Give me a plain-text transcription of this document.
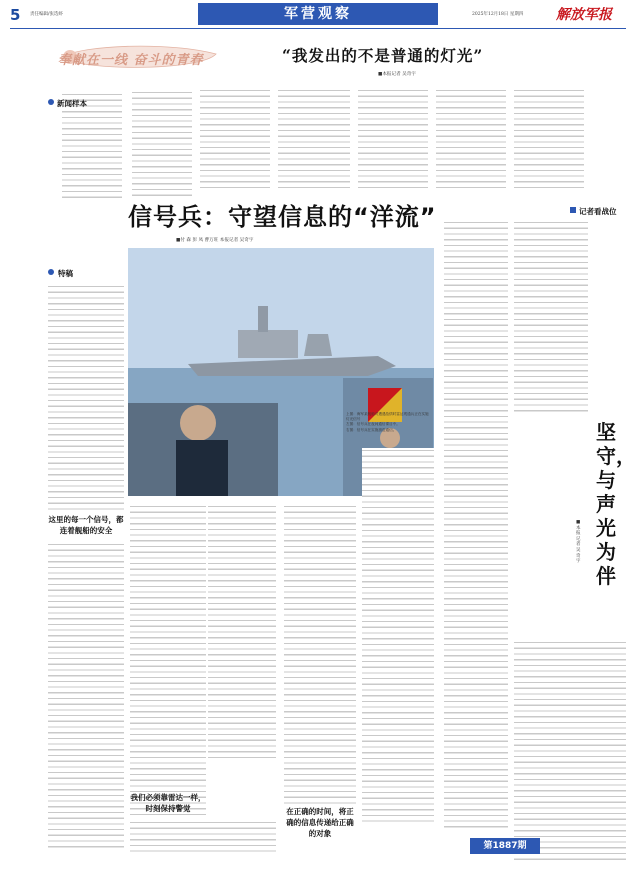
5 责任编辑/张选虾	军营观察	2025年12月18日 星期四 解放军报
奉献在一线 奋斗的青春	“我发出的不是普通的灯光”
■本报记者 吴奇宇
新闻样本
记者看战位
信号兵：守望信息的“洋流”
■付 森 彭 凤 曹万旺 本报记者 吴奇宇
特稿
上图：海军某舰船对遭遇敌情时雷达观通兵正在实施灯光信号
左图：信号兵在夜间通信课目中。
右图：信号兵在实施旗语通信。
这里的每一个信号，都连着舰船的安全
我们必须靠雷达一样，时刻保持警觉	在正确的时间，将正确的信息传递给正确的对象
坚守，与声光为伴
■本报记者 吴奇宇
第1887期
